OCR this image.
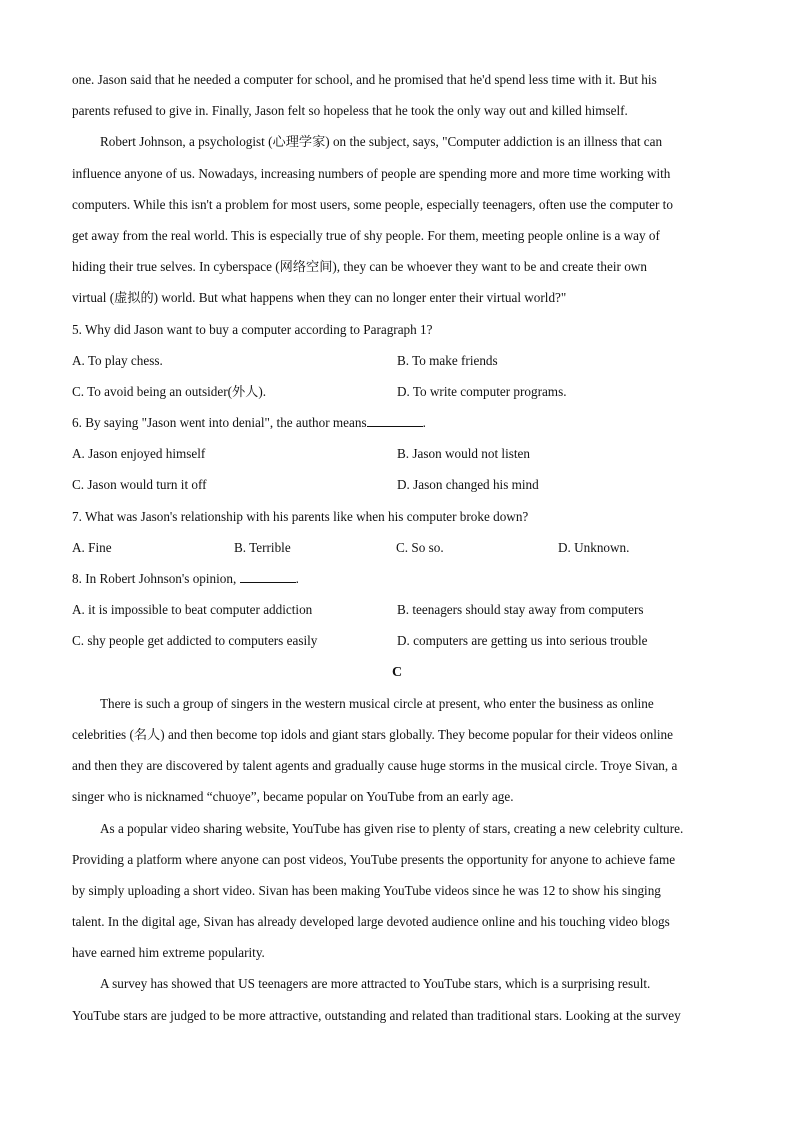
one. Jason said that he needed a computer for school, and he promised that he'd spend less time with it. But his
parents refused to give in. Finally, Jason felt so hopeless that he took the only way out and killed himself.
Robert Johnson, a psychologist (心理学家) on the subject, says, "Computer addiction is an illness that can
influence anyone of us. Nowadays, increasing numbers of people are spending more and more time working with
computers. While this isn't a problem for most users, some people, especially teenagers, often use the computer to
get away from the real world. This is especially true of shy people. For them, meeting people online is a way of
hiding their true selves. In cyberspace (网络空间), they can be whoever they want to be and create their own
virtual (虚拟的) world. But what happens when they can no longer enter their virtual world?"
5. Why did Jason want to buy a computer according to Paragraph 1?
A. To play chess.	B. To make friends
C. To avoid being an outsider(外人).	D. To write computer programs.
6. By saying "Jason went into denial", the author means	.
A. Jason enjoyed himself	B. Jason would not listen
C. Jason would turn it off	D. Jason changed his mind
7. What was Jason's relationship with his parents like when his computer broke down?
A. Fine	B. Terrible	C. So so.	D. Unknown.
8. In Robert Johnson's opinion,	.
A. it is impossible to beat computer addiction	B. teenagers should stay away from computers
C. shy people get addicted to computers easily	D. computers are getting us into serious trouble
C
There is such a group of singers in the western musical circle at present, who enter the business as online
celebrities (名人) and then become top idols and giant stars globally. They become popular for their videos online
and then they are discovered by talent agents and gradually cause huge storms in the musical circle. Troye Sivan, a
singer who is nicknamed “chuoye”, became popular on YouTube from an early age.
As a popular video sharing website, YouTube has given rise to plenty of stars, creating a new celebrity culture.
Providing a platform where anyone can post videos, YouTube presents the opportunity for anyone to achieve fame
by simply uploading a short video. Sivan has been making YouTube videos since he was 12 to show his singing
talent. In the digital age, Sivan has already developed large devoted audience online and his touching video blogs
have earned him extreme popularity.
A survey has showed that US teenagers are more attracted to YouTube stars, which is a surprising result.
YouTube stars are judged to be more attractive, outstanding and related than traditional stars. Looking at the survey
